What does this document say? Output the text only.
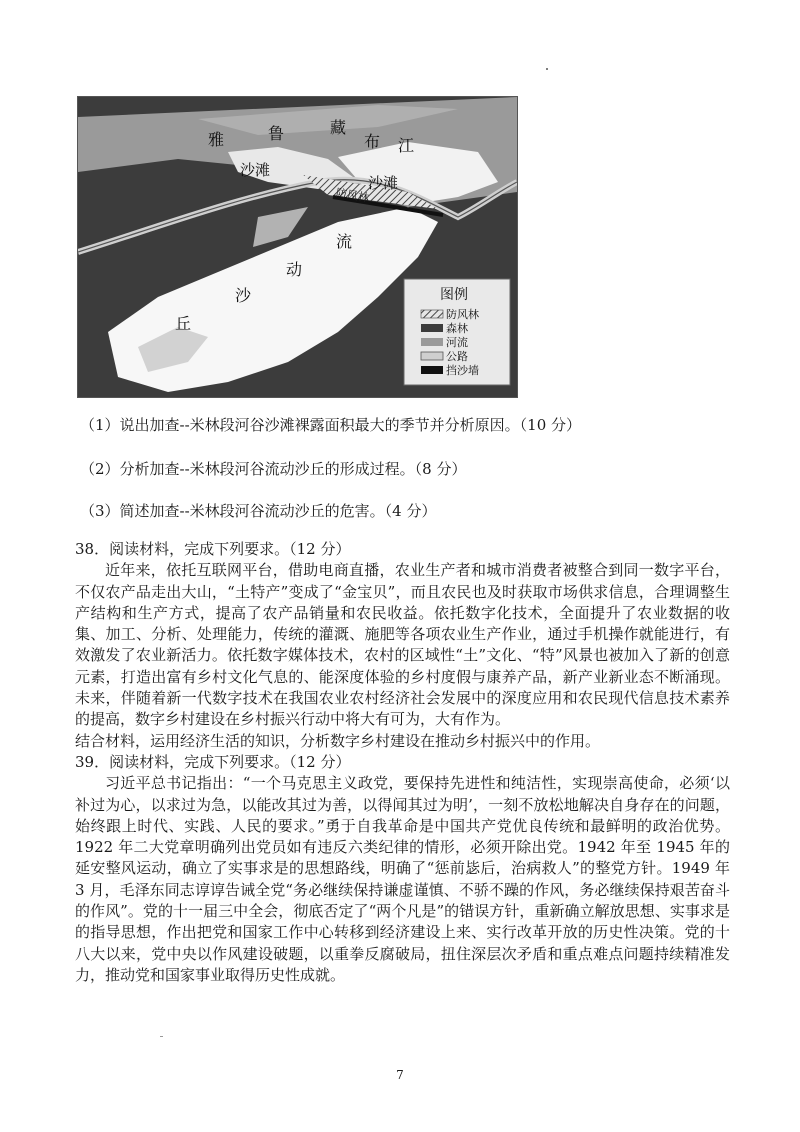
雅	鲁	藏
布 江
沙滩
沙滩
防风林
流
动
沙
丘
图例
防风林
森林
河流
公路
挡沙墙
（1）说出加查--米林段河谷沙滩裸露面积最大的季节并分析原因。（10 分）
（2）分析加查--米林段河谷流动沙丘的形成过程。（8 分）
（3）简述加查--米林段河谷流动沙丘的危害。（4 分）

38．阅读材料，完成下列要求。（12 分）

近年来，依托互联网平台，借助电商直播，农业生产者和城市消费者被整合到同一数字平台，不仅农产品走出大山，“土特产”变成了“金宝贝”，而且农民也及时获取市场供求信息，合理调整生产结构和生产方式，提高了农产品销量和农民收益。依托数字化技术，全面提升了农业数据的收集、加工、分析、处理能力，传统的灌溉、施肥等各项农业生产作业，通过手机操作就能进行，有效激发了农业新活力。依托数字媒体技术，农村的区域性“土”文化、“特”风景也被加入了新的创意元素，打造出富有乡村文化气息的、能深度体验的乡村度假与康养产品，新产业新业态不断涌现。未来，伴随着新一代数字技术在我国农业农村经济社会发展中的深度应用和农民现代信息技术素养的提高，数字乡村建设在乡村振兴行动中将大有可为，大有作为。

结合材料，运用经济生活的知识，分析数字乡村建设在推动乡村振兴中的作用。

39．阅读材料，完成下列要求。（12 分）

习近平总书记指出：“一个马克思主义政党，要保持先进性和纯洁性，实现崇高使命，必须‘以补过为心，以求过为急，以能改其过为善，以得闻其过为明’，一刻不放松地解决自身存在的问题，始终跟上时代、实践、人民的要求。”勇于自我革命是中国共产党优良传统和最鲜明的政治优势。1922 年二大党章明确列出党员如有违反六类纪律的情形，必须开除出党。1942 年至 1945 年的延安整风运动，确立了实事求是的思想路线，明确了“惩前毖后，治病救人”的整党方针。1949 年 3 月，毛泽东同志谆谆告诫全党“务必继续保持谦虚谨慎、不骄不躁的作风，务必继续保持艰苦奋斗的作风”。党的十一届三中全会，彻底否定了“两个凡是”的错误方针，重新确立解放思想、实事求是的指导思想，作出把党和国家工作中心转移到经济建设上来、实行改革开放的历史性决策。党的十八大以来，党中央以作风建设破题，以重拳反腐破局，扭住深层次矛盾和重点难点问题持续精准发力，推动党和国家事业取得历史性成就。

7
